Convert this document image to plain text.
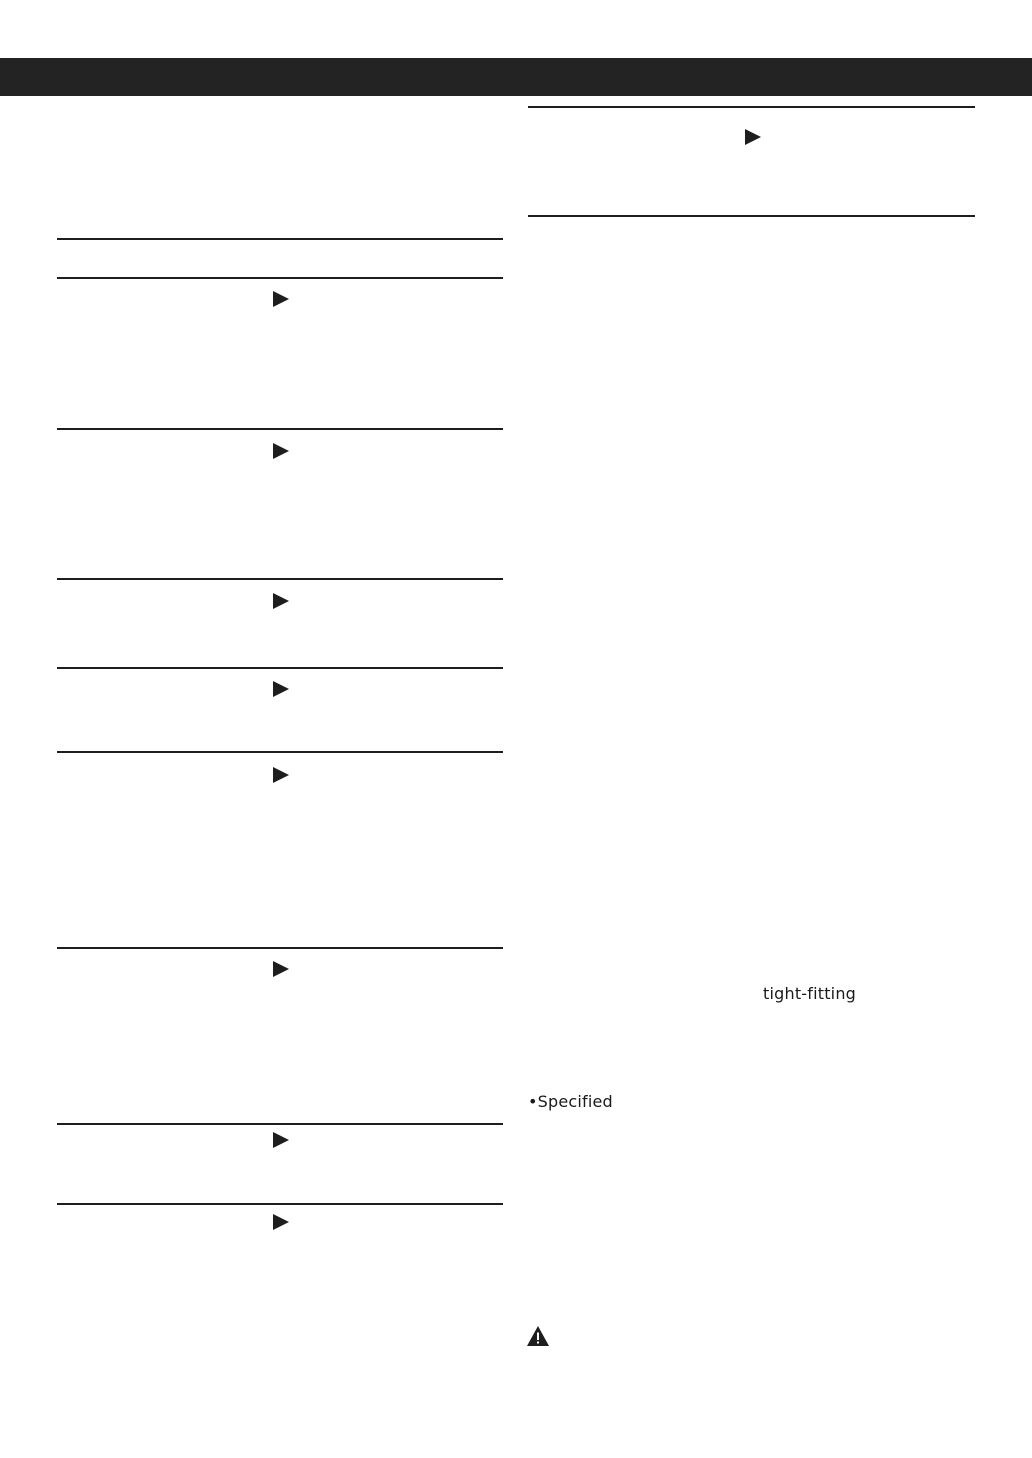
tight-fitting
•Specified
